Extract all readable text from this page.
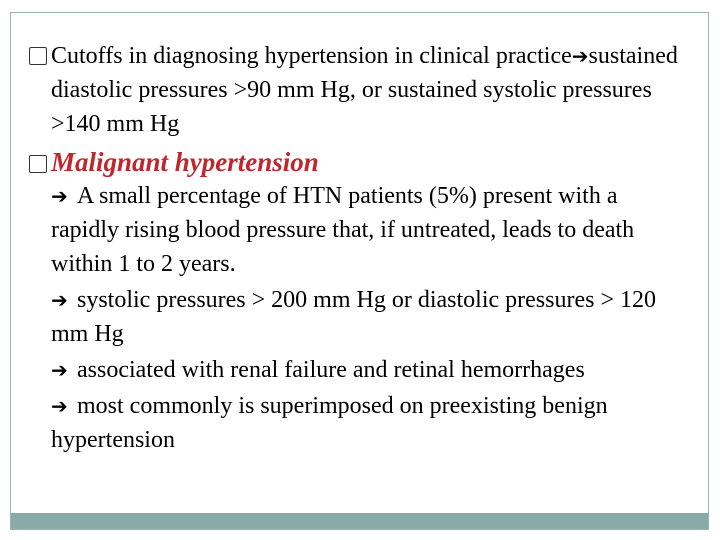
Cutoffs in diagnosing hypertension in clinical practice➔sustained diastolic pressures >90 mm Hg, or sustained systolic pressures >140 mm Hg

Malignant hypertension

➔ A small percentage of HTN patients (5%) present with a rapidly rising blood pressure that, if untreated, leads to death within 1 to 2 years.
➔ systolic pressures > 200 mm Hg or diastolic pressures > 120 mm Hg
➔ associated with renal failure and retinal hemorrhages
➔ most commonly is superimposed on preexisting benign hypertension
